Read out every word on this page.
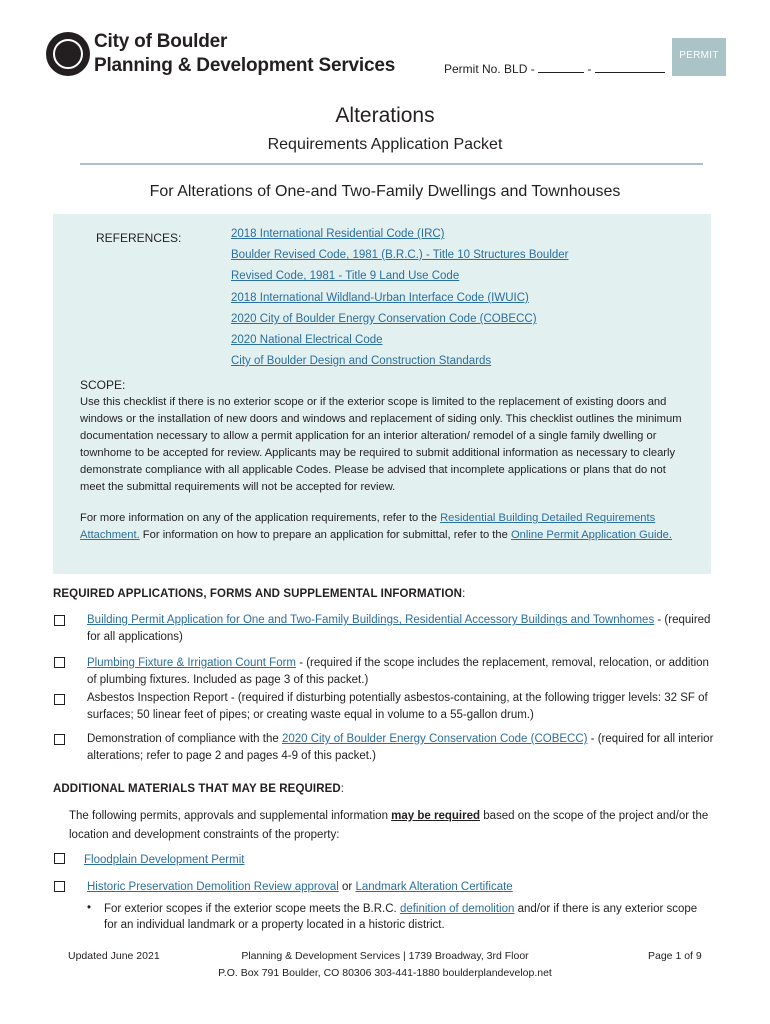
City of Boulder
Planning & Development Services	Permit No. BLD -	-
PERMIT
Alterations
Requirements Application Packet
For Alterations of One-and Two-Family Dwellings and Townhouses
REFERENCES:	2018 International Residential Code (IRC)
Boulder Revised Code, 1981 (B.R.C.) - Title 10 Structures Boulder
Revised Code, 1981 - Title 9 Land Use Code
2018 International Wildland-Urban Interface Code (IWUIC)
2020 City of Boulder Energy Conservation Code (COBECC)
2020 National Electrical Code
City of Boulder Design and Construction Standards
SCOPE:
Use this checklist if there is no exterior scope or if the exterior scope is limited to the replacement of existing doors and windows or the installation of new doors and windows and replacement of siding only. This checklist outlines the minimum documentation necessary to allow a permit application for an interior alteration/ remodel of a single family dwelling or townhome to be accepted for review. Applicants may be required to submit additional information as necessary to clearly demonstrate compliance with all applicable Codes. Please be advised that incomplete applications or plans that do not meet the submittal requirements will not be accepted for review.
For more information on any of the application requirements, refer to the Residential Building Detailed Requirements Attachment. For information on how to prepare an application for submittal, refer to the Online Permit Application Guide.
REQUIRED APPLICATIONS, FORMS AND SUPPLEMENTAL INFORMATION:
Building Permit Application for One and Two-Family Buildings, Residential Accessory Buildings and Townhomes - (required for all applications)
Plumbing Fixture & Irrigation Count Form - (required if the scope includes the replacement, removal, relocation, or addition of plumbing fixtures. Included as page 3 of this packet.)
Asbestos Inspection Report - (required if disturbing potentially asbestos-containing, at the following trigger levels: 32 SF of surfaces; 50 linear feet of pipes; or creating waste equal in volume to a 55-gallon drum.)
Demonstration of compliance with the 2020 City of Boulder Energy Conservation Code (COBECC) - (required for all interior alterations; refer to page 2 and pages 4-9 of this packet.)
ADDITIONAL MATERIALS THAT MAY BE REQUIRED:
The following permits, approvals and supplemental information may be required based on the scope of the project and/or the location and development constraints of the property:
Floodplain Development Permit
Historic Preservation Demolition Review approval or Landmark Alteration Certificate
• For exterior scopes if the exterior scope meets the B.R.C. definition of demolition and/or if there is any exterior scope for an individual landmark or a property located in a historic district.
Updated June 2021	Planning & Development Services | 1739 Broadway, 3rd Floor
P.O. Box 791 Boulder, CO 80306 303-441-1880 boulderplandevelop.net
Page 1 of 9
